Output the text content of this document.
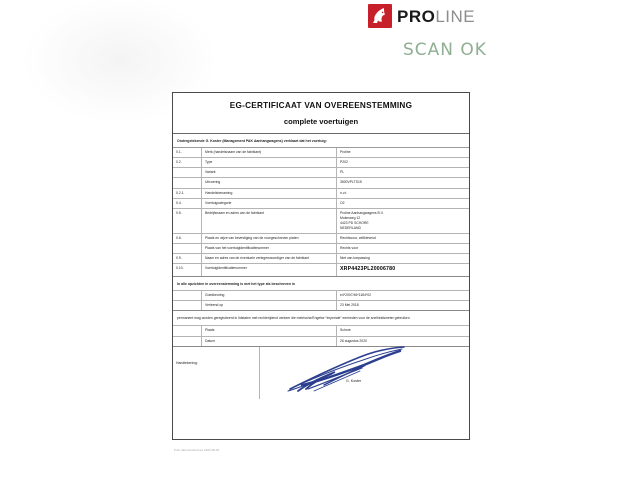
PROLINE
SCAN OK
EG-CERTIFICAAT VAN OVEREENSTEMMING
complete voertuigen
Ondergetekende G. Koster (Management PAK Aanhangwagens) verklaart dat het voertuig:
0.1.	Merk (handelsnaam van de fabrikant)	Proline
0.2.	Type	P202
	Variant	PL
	Uitvoering	3500VPLTS15
0.2.1.	Handelsbenaming	n.v.t.
0.4.	Voertuigcategorie	O2
0.5.	Bedrijfsnaam en adres van de fabrikant	Proline Aanhangwagens B.V.
Molenweg 12
4423 PD SCHORE
NEDERLAND

0.6.	Plaats en wijze van bevestiging van de voorgeschreven platen	Rechtsvoor, zelfklevend
	Plaats van het voertuigidentificatienummer	Rechts voor
0.9.	Naam en adres van de eventuele vertegenwoordiger van de fabrikant	Niet van toepassing
0.10.	Voertuigidentificatienummer	XRP4423PL20006780
In alle opzichten in overeenstemming is met het type als beschreven in
	Goedkeuring	e4*2007/46*1184*02
	Verleend op	23 Mei 2018
permanent mag worden geregistreerd in lidstaten met rechterijdend verkeer die metrische/Engelse “imperiale” eenheden voor de snelheidsmeter gebruiken
	Plaats	Schore
	Datum	26 augustus 2020
Handtekening:
G. Koster
Print datum/reference 2020-08-26
